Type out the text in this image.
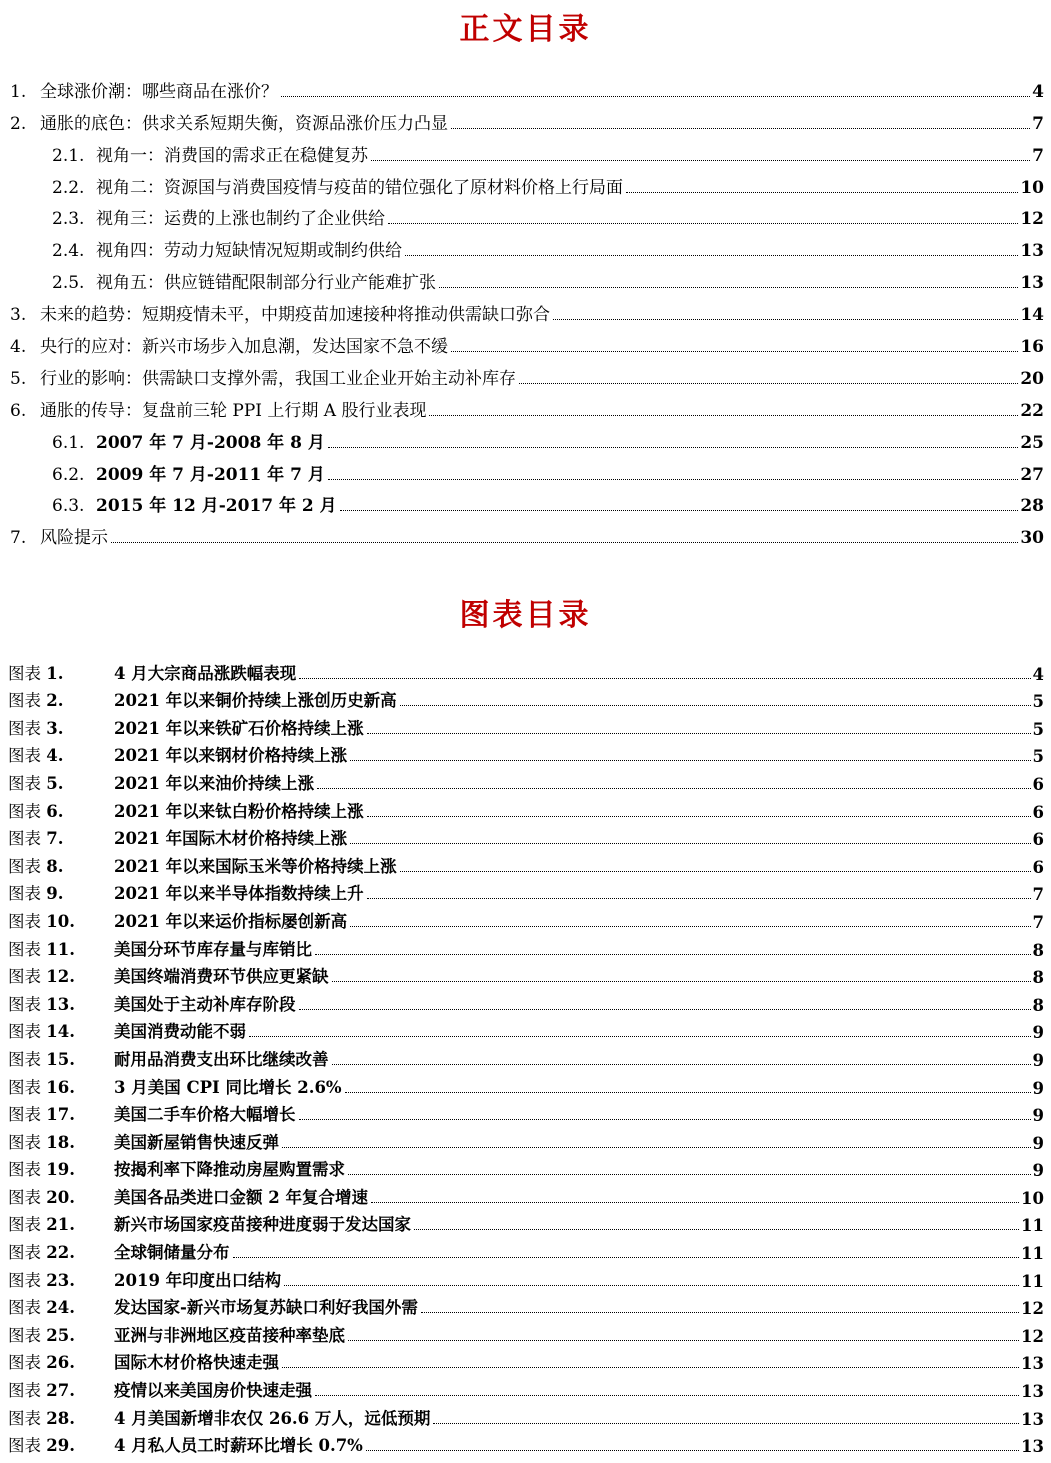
正文目录
1. 全球涨价潮：哪些商品在涨价？	4
2. 通胀的底色：供求关系短期失衡，资源品涨价压力凸显	7
2.1. 视角一：消费国的需求正在稳健复苏	7
2.2. 视角二：资源国与消费国疫情与疫苗的错位强化了原材料价格上行局面	10
2.3. 视角三：运费的上涨也制约了企业供给	12
2.4. 视角四：劳动力短缺情况短期或制约供给	13
2.5. 视角五：供应链错配限制部分行业产能难扩张	13
3. 未来的趋势：短期疫情未平，中期疫苗加速接种将推动供需缺口弥合	14
4. 央行的应对：新兴市场步入加息潮，发达国家不急不缓	16
5. 行业的影响：供需缺口支撑外需，我国工业企业开始主动补库存	20
6. 通胀的传导：复盘前三轮 PPI 上行期 A 股行业表现	22
6.1. 2007 年 7 月-2008 年 8 月	25
6.2. 2009 年 7 月-2011 年 7 月	27
6.3. 2015 年 12 月-2017 年 2 月	28
7. 风险提示	30
图表目录
图表 1.	4 月大宗商品涨跌幅表现	4
图表 2.	2021 年以来铜价持续上涨创历史新高	5
图表 3.	2021 年以来铁矿石价格持续上涨	5
图表 4.	2021 年以来钢材价格持续上涨	5
图表 5.	2021 年以来油价持续上涨	6
图表 6.	2021 年以来钛白粉价格持续上涨	6
图表 7.	2021 年国际木材价格持续上涨	6
图表 8.	2021 年以来国际玉米等价格持续上涨	6
图表 9.	2021 年以来半导体指数持续上升	7
图表 10.	2021 年以来运价指标屡创新高	7
图表 11.	美国分环节库存量与库销比	8
图表 12.	美国终端消费环节供应更紧缺	8
图表 13.	美国处于主动补库存阶段	8
图表 14.	美国消费动能不弱	9
图表 15.	耐用品消费支出环比继续改善	9
图表 16.	3 月美国 CPI 同比增长 2.6%	9
图表 17.	美国二手车价格大幅增长	9
图表 18.	美国新屋销售快速反弹	9
图表 19.	按揭利率下降推动房屋购置需求	9
图表 20.	美国各品类进口金额 2 年复合增速	10
图表 21.	新兴市场国家疫苗接种进度弱于发达国家	11
图表 22.	全球铜储量分布	11
图表 23.	2019 年印度出口结构	11
图表 24.	发达国家-新兴市场复苏缺口利好我国外需	12
图表 25.	亚洲与非洲地区疫苗接种率垫底	12
图表 26.	国际木材价格快速走强	13
图表 27.	疫情以来美国房价快速走强	13
图表 28.	4 月美国新增非农仅 26.6 万人，远低预期	13
图表 29.	4 月私人员工时薪环比增长 0.7%	13
